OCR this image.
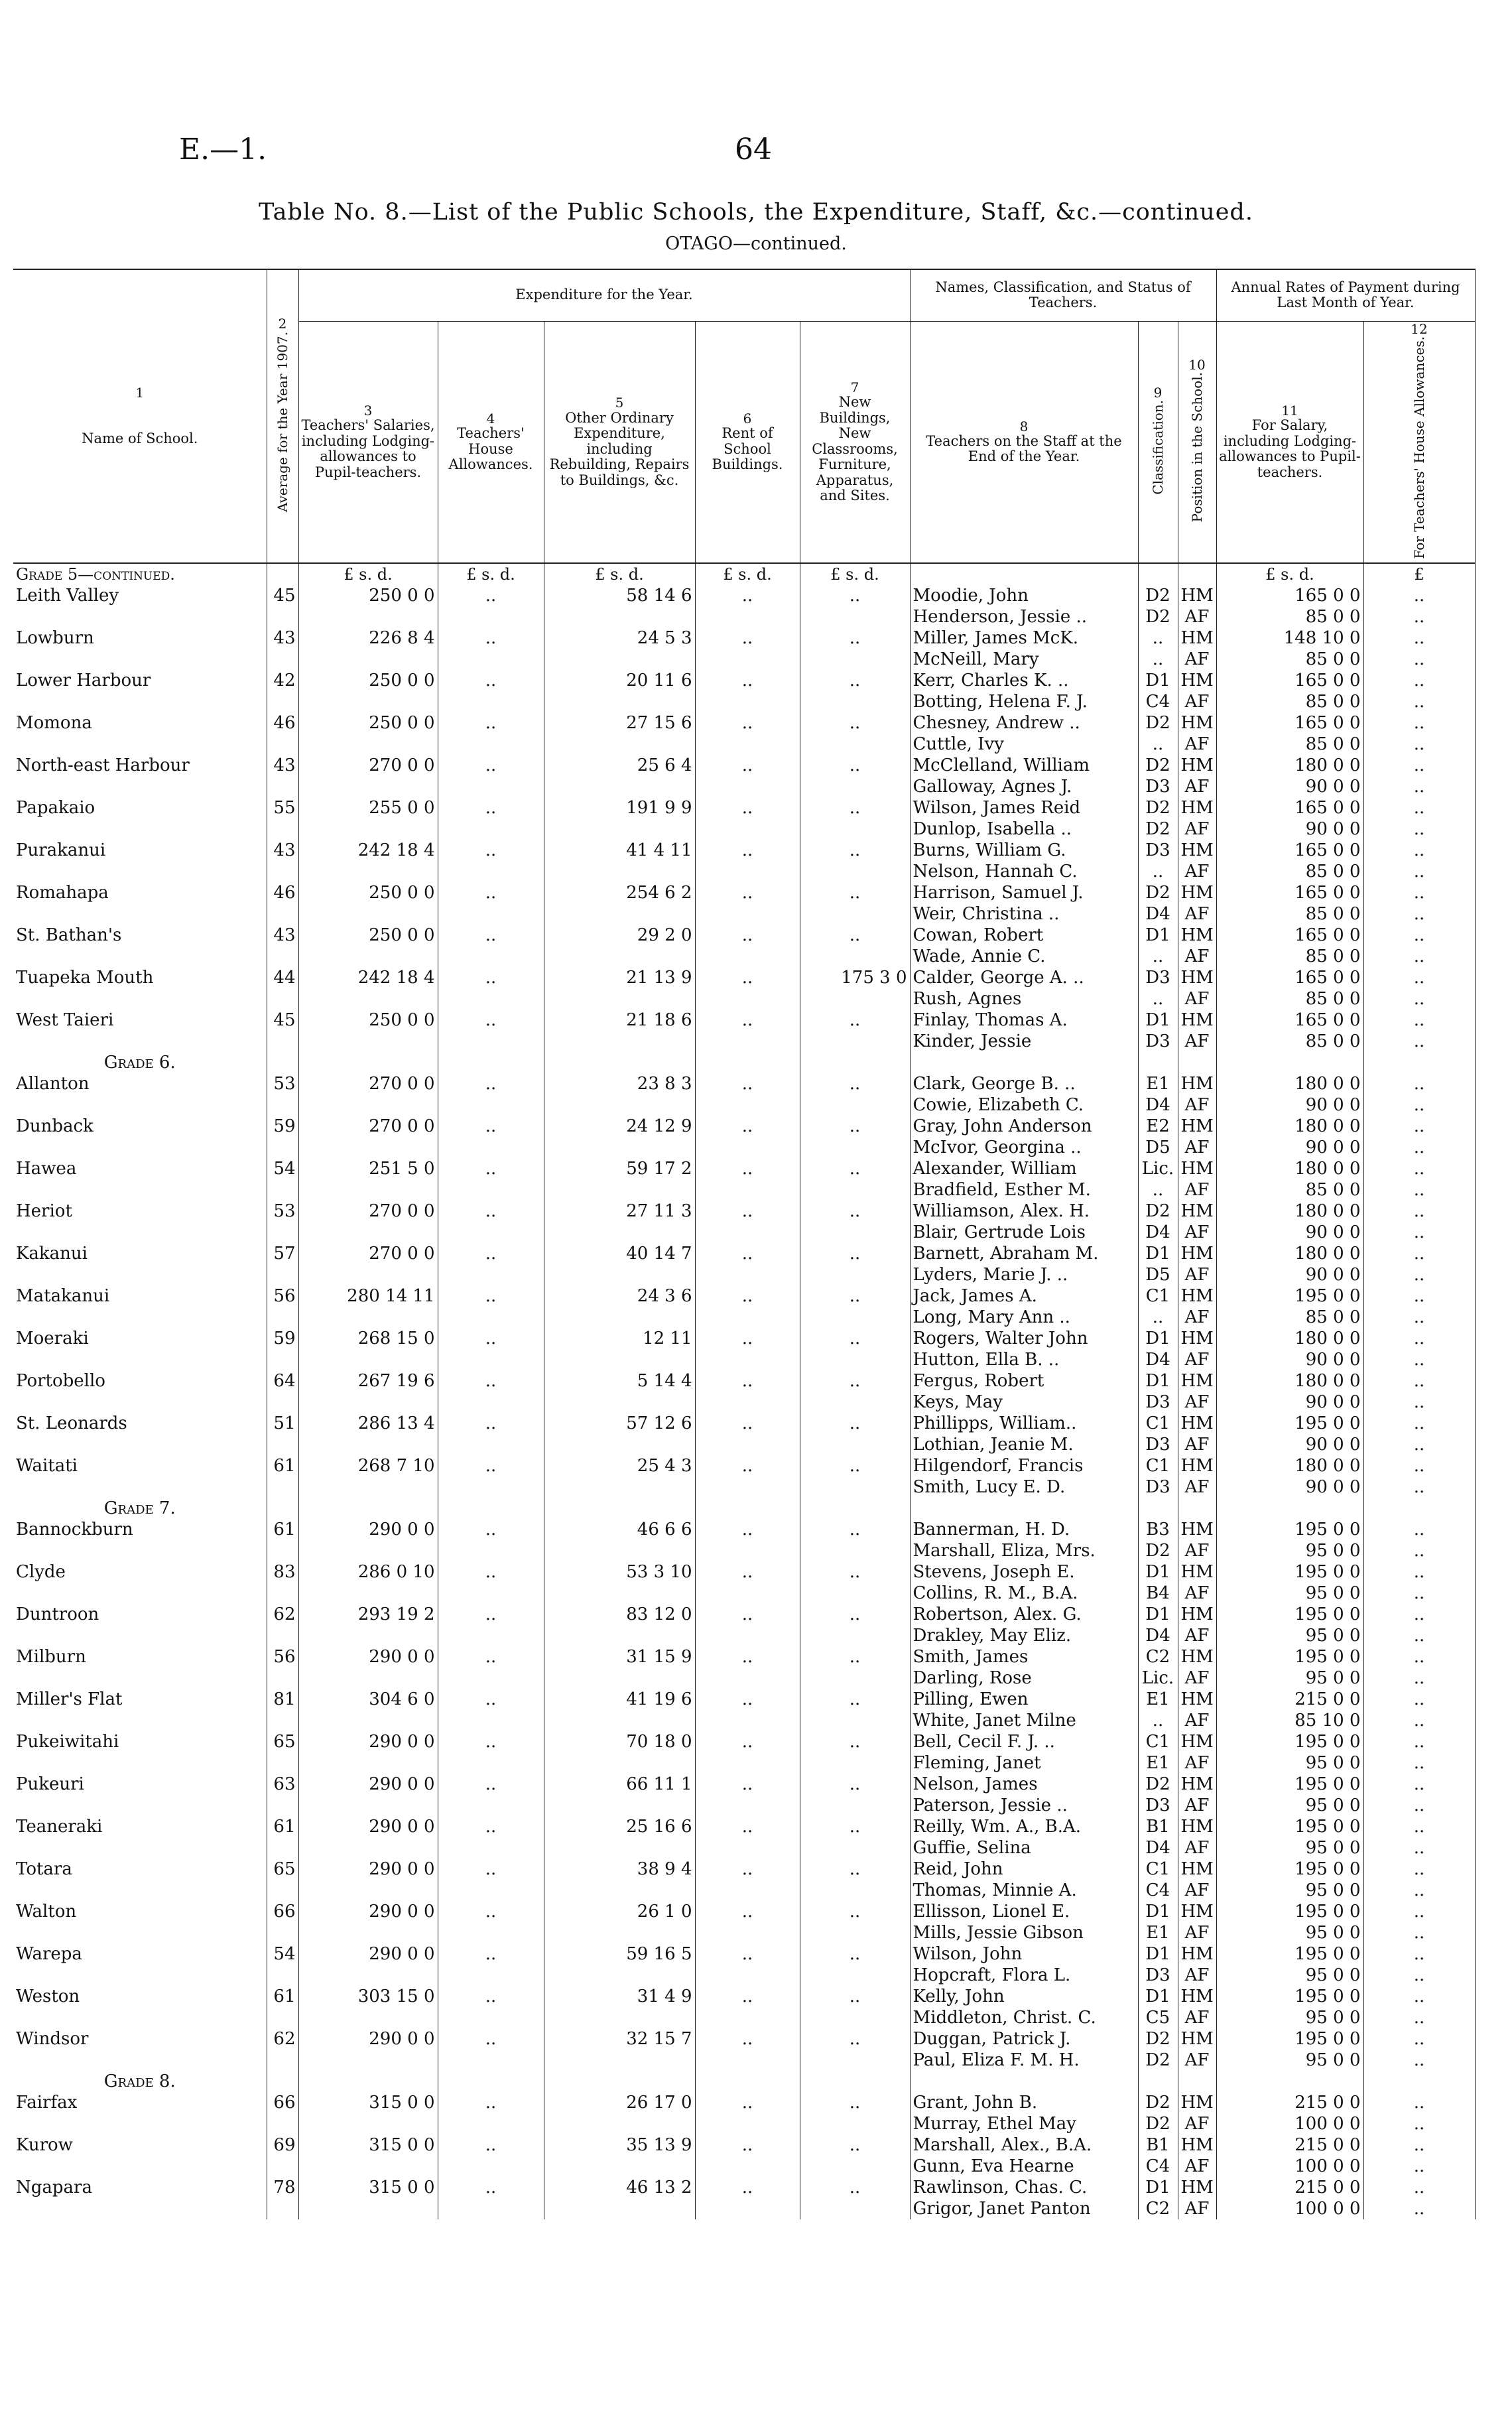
E.—1.	64
Table No. 8.—List of the Public Schools, the Expenditure, Staff, &c.—continued.
OTAGO—continued.
1

Name of School.	2
Average for the Year 1907.	Expenditure for the Year.					Names, Classification, and Status of Teachers.			Annual Rates of Payment during Last Month of Year.	

		3
Teachers' Salaries, including Lodging-allowances to Pupil-teachers.	4
Teachers' House Allowances.	5
Other Ordinary Expenditure, including Rebuilding, Repairs to Buildings, &c.	6
Rent of School Buildings.	7
New Buildings, New Classrooms, Furniture, Apparatus, and Sites.	8
Teachers on the Staff at the End of the Year.	9
Classification.	10
Position in the School.	11
For Salary, including Lodging-allowances to Pupil-teachers.	12
For Teachers' House Allowances.
Grade 5—continued.		£ s. d.	£ s. d.	£ s. d.	£ s. d.	£ s. d.				£ s. d.	£
Leith Valley	45	250 0 0	..	58 14 6	..	..	Moodie, John	D2	HM	165 0 0	..
							Henderson, Jessie ..	D2	AF	85 0 0	..
Lowburn	43	226 8 4	..	24 5 3	..	..	Miller, James McK.	..	HM	148 10 0	..
							McNeill, Mary	..	AF	85 0 0	..
Lower Harbour	42	250 0 0	..	20 11 6	..	..	Kerr, Charles K. ..	D1	HM	165 0 0	..
							Botting, Helena F. J.	C4	AF	85 0 0	..
Momona	46	250 0 0	..	27 15 6	..	..	Chesney, Andrew ..	D2	HM	165 0 0	..
							Cuttle, Ivy	..	AF	85 0 0	..
North-east Harbour	43	270 0 0	..	25 6 4	..	..	McClelland, William	D2	HM	180 0 0	..
							Galloway, Agnes J.	D3	AF	90 0 0	..
Papakaio	55	255 0 0	..	191 9 9	..	..	Wilson, James Reid	D2	HM	165 0 0	..
							Dunlop, Isabella ..	D2	AF	90 0 0	..
Purakanui	43	242 18 4	..	41 4 11	..	..	Burns, William G.	D3	HM	165 0 0	..
							Nelson, Hannah C.	..	AF	85 0 0	..
Romahapa	46	250 0 0	..	254 6 2	..	..	Harrison, Samuel J.	D2	HM	165 0 0	..
							Weir, Christina ..	D4	AF	85 0 0	..
St. Bathan's	43	250 0 0	..	29 2 0	..	..	Cowan, Robert	D1	HM	165 0 0	..
							Wade, Annie C.	..	AF	85 0 0	..
Tuapeka Mouth	44	242 18 4	..	21 13 9	..	175 3 0	Calder, George A. ..	D3	HM	165 0 0	..
							Rush, Agnes	..	AF	85 0 0	..
West Taieri	45	250 0 0	..	21 18 6	..	..	Finlay, Thomas A.	D1	HM	165 0 0	..
							Kinder, Jessie	D3	AF	85 0 0	..
Grade 6.											
Allanton	53	270 0 0	..	23 8 3	..	..	Clark, George B. ..	E1	HM	180 0 0	..
							Cowie, Elizabeth C.	D4	AF	90 0 0	..
Dunback	59	270 0 0	..	24 12 9	..	..	Gray, John Anderson	E2	HM	180 0 0	..
							McIvor, Georgina ..	D5	AF	90 0 0	..
Hawea	54	251 5 0	..	59 17 2	..	..	Alexander, William	Lic.	HM	180 0 0	..
							Bradfield, Esther M.	..	AF	85 0 0	..
Heriot	53	270 0 0	..	27 11 3	..	..	Williamson, Alex. H.	D2	HM	180 0 0	..
							Blair, Gertrude Lois	D4	AF	90 0 0	..
Kakanui	57	270 0 0	..	40 14 7	..	..	Barnett, Abraham M.	D1	HM	180 0 0	..
							Lyders, Marie J. ..	D5	AF	90 0 0	..
Matakanui	56	280 14 11	..	24 3 6	..	..	Jack, James A.	C1	HM	195 0 0	..
							Long, Mary Ann ..	..	AF	85 0 0	..
Moeraki	59	268 15 0	..	12 11	..	..	Rogers, Walter John	D1	HM	180 0 0	..
							Hutton, Ella B. ..	D4	AF	90 0 0	..
Portobello	64	267 19 6	..	5 14 4	..	..	Fergus, Robert	D1	HM	180 0 0	..
							Keys, May	D3	AF	90 0 0	..
St. Leonards	51	286 13 4	..	57 12 6	..	..	Phillipps, William..	C1	HM	195 0 0	..
							Lothian, Jeanie M.	D3	AF	90 0 0	..
Waitati	61	268 7 10	..	25 4 3	..	..	Hilgendorf, Francis	C1	HM	180 0 0	..
							Smith, Lucy E. D.	D3	AF	90 0 0	..
Grade 7.											
Bannockburn	61	290 0 0	..	46 6 6	..	..	Bannerman, H. D.	B3	HM	195 0 0	..
							Marshall, Eliza, Mrs.	D2	AF	95 0 0	..
Clyde	83	286 0 10	..	53 3 10	..	..	Stevens, Joseph E.	D1	HM	195 0 0	..
							Collins, R. M., B.A.	B4	AF	95 0 0	..
Duntroon	62	293 19 2	..	83 12 0	..	..	Robertson, Alex. G.	D1	HM	195 0 0	..
							Drakley, May Eliz.	D4	AF	95 0 0	..
Milburn	56	290 0 0	..	31 15 9	..	..	Smith, James	C2	HM	195 0 0	..
							Darling, Rose	Lic.	AF	95 0 0	..
Miller's Flat	81	304 6 0	..	41 19 6	..	..	Pilling, Ewen	E1	HM	215 0 0	..
							White, Janet Milne	..	AF	85 10 0	..
Pukeiwitahi	65	290 0 0	..	70 18 0	..	..	Bell, Cecil F. J. ..	C1	HM	195 0 0	..
							Fleming, Janet	E1	AF	95 0 0	..
Pukeuri	63	290 0 0	..	66 11 1	..	..	Nelson, James	D2	HM	195 0 0	..
							Paterson, Jessie ..	D3	AF	95 0 0	..
Teaneraki	61	290 0 0	..	25 16 6	..	..	Reilly, Wm. A., B.A.	B1	HM	195 0 0	..
							Guffie, Selina	D4	AF	95 0 0	..
Totara	65	290 0 0	..	38 9 4	..	..	Reid, John	C1	HM	195 0 0	..
							Thomas, Minnie A.	C4	AF	95 0 0	..
Walton	66	290 0 0	..	26 1 0	..	..	Ellisson, Lionel E.	D1	HM	195 0 0	..
							Mills, Jessie Gibson	E1	AF	95 0 0	..
Warepa	54	290 0 0	..	59 16 5	..	..	Wilson, John	D1	HM	195 0 0	..
							Hopcraft, Flora L.	D3	AF	95 0 0	..
Weston	61	303 15 0	..	31 4 9	..	..	Kelly, John	D1	HM	195 0 0	..
							Middleton, Christ. C.	C5	AF	95 0 0	..
Windsor	62	290 0 0	..	32 15 7	..	..	Duggan, Patrick J.	D2	HM	195 0 0	..
							Paul, Eliza F. M. H.	D2	AF	95 0 0	..
Grade 8.											
Fairfax	66	315 0 0	..	26 17 0	..	..	Grant, John B.	D2	HM	215 0 0	..
							Murray, Ethel May	D2	AF	100 0 0	..
Kurow	69	315 0 0	..	35 13 9	..	..	Marshall, Alex., B.A.	B1	HM	215 0 0	..
							Gunn, Eva Hearne	C4	AF	100 0 0	..
Ngapara	78	315 0 0	..	46 13 2	..	..	Rawlinson, Chas. C.	D1	HM	215 0 0	..
							Grigor, Janet Panton	C2	AF	100 0 0	..
